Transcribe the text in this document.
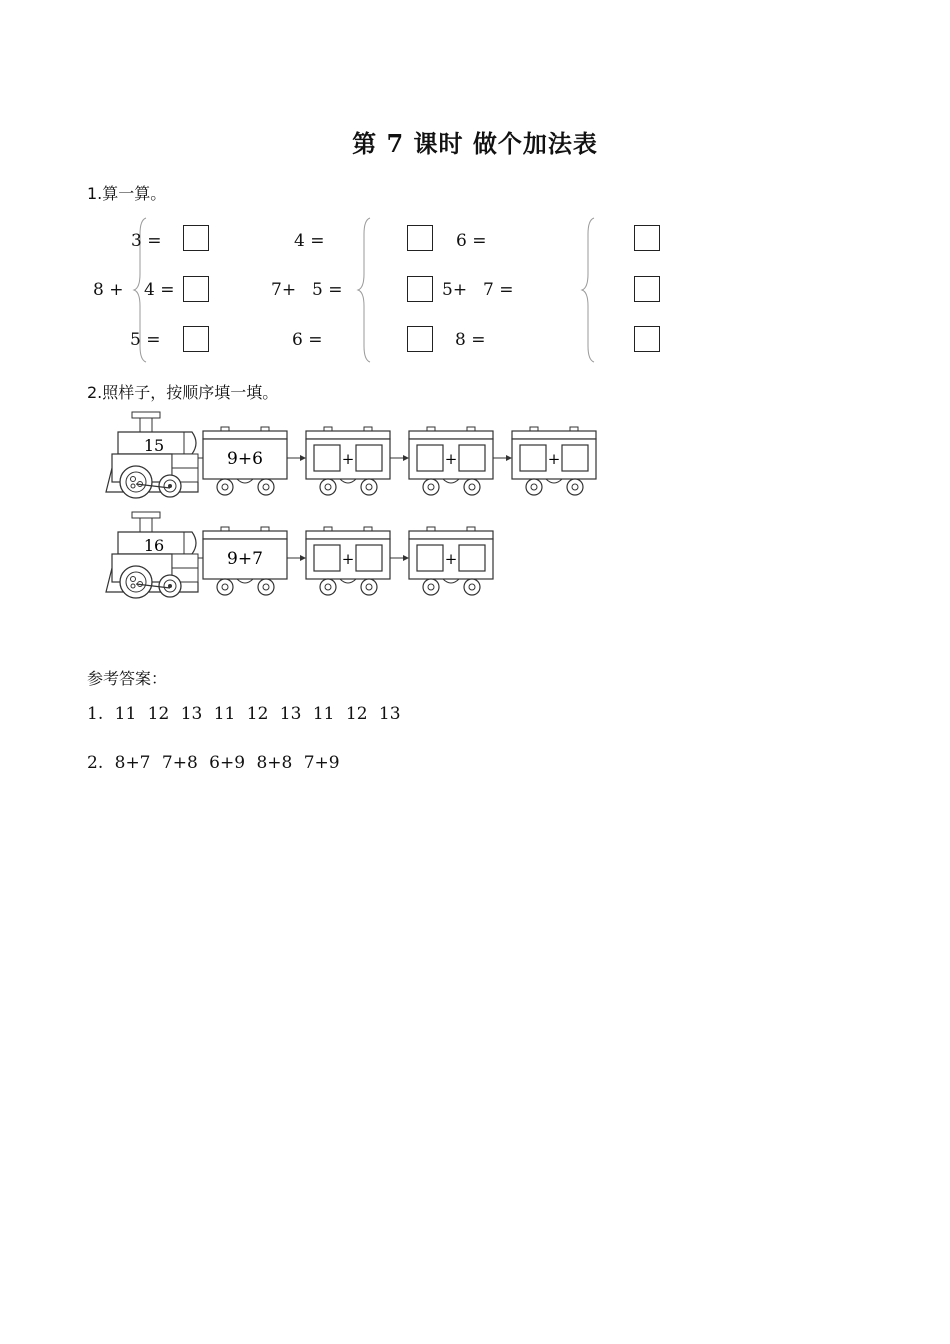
第 7 课时 做个加法表
1.算一算。
8 +
3 =
4 =
5 =
7+
4 =
5 =
6 =
5+
6 =
7 =
8 =
2.照样子，按顺序填一填。
15
9+6	+	+	+
16
9+7	+	+
参考答案：
1. 11 12 13 11 12 13 11 12 13
2. 8+7 7+8 6+9 8+8 7+9
